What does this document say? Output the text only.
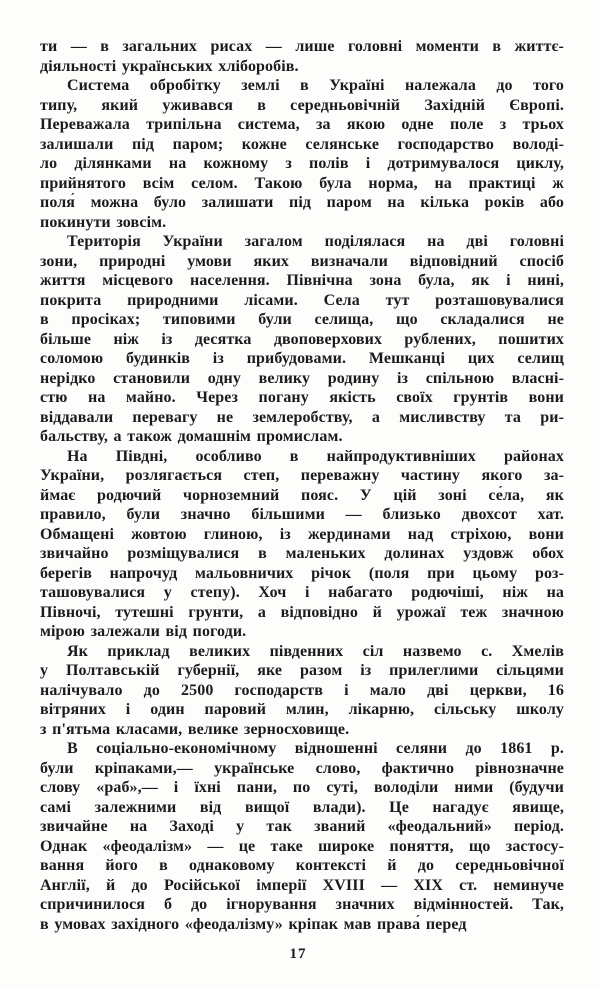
ти — в загальних рисах — лише головні моменти в життє-
діяльності українських хліборобів.
Система обробітку землі в Україні належала до того
типу, який уживався в середньовічній Західній Європі.
Переважала трипільна система, за якою одне поле з трьох
залишали під паром; кожне селянське господарство володі-
ло ділянками на кожному з полів і дотримувалося циклу,
прийнятого всім селом. Такою була норма, на практиці ж
поля́ можна було залишати під паром на кілька років або
покинути зовсім.
Територія України загалом поділялася на дві головні
зони, природні умови яких визначали відповідний спосіб
життя місцевого населення. Північна зона була, як і нині,
покрита природними лісами. Села тут розташовувалися
в просіках; типовими були селища, що складалися не
більше ніж із десятка двоповерхових рублених, пошитих
соломою будинків із прибудовами. Мешканці цих селищ
нерідко становили одну велику родину із спільною власні-
стю на майно. Через погану якість своїх грунтів вони
віддавали перевагу не землеробству, а мисливству та ри-
бальству, а також домашнім промислам.
На Півдні, особливо в найпродуктивніших районах
України, розлягається степ, переважну частину якого за-
ймає родючий чорноземний пояс. У цій зоні се́ла, як
правило, були значно більшими — близько двохсот хат.
Обмащені жовтою глиною, із жердинами над стріхою, вони
звичайно розміщувалися в маленьких долинах уздовж обох
берегів напрочуд мальовничих річок (поля при цьому роз-
ташовувалися у степу). Хоч і набагато родючіші, ніж на
Півночі, тутешні грунти, а відповідно й урожаї теж значною
мірою залежали від погоди.
Як приклад великих південних сіл назвемо с. Хмелів
у Полтавській губернії, яке разом із прилеглими сільцями
налічувало до 2500 господарств і мало дві церкви, 16
вітряних і один паровий млин, лікарню, сільську школу
з п'ятьма класами, велике зерносховище.
В соціально-економічному відношенні селяни до 1861 р.
були кріпаками,— українське слово, фактично рівнозначне
слову «раб»,— і їхні пани, по суті, володіли ними (будучи
самі залежними від вищої влади). Це нагадує явище,
звичайне на Заході у так званий «феодальний» період.
Однак «феодалізм» — це таке широке поняття, що застосу-
вання його в однаковому контексті й до середньовічної
Англії, й до Російської імперії XVIII — XIX ст. неминуче
спричинилося б до ігнорування значних відмінностей. Так,
в умовах західного «феодалізму» кріпак мав права́ перед
17
